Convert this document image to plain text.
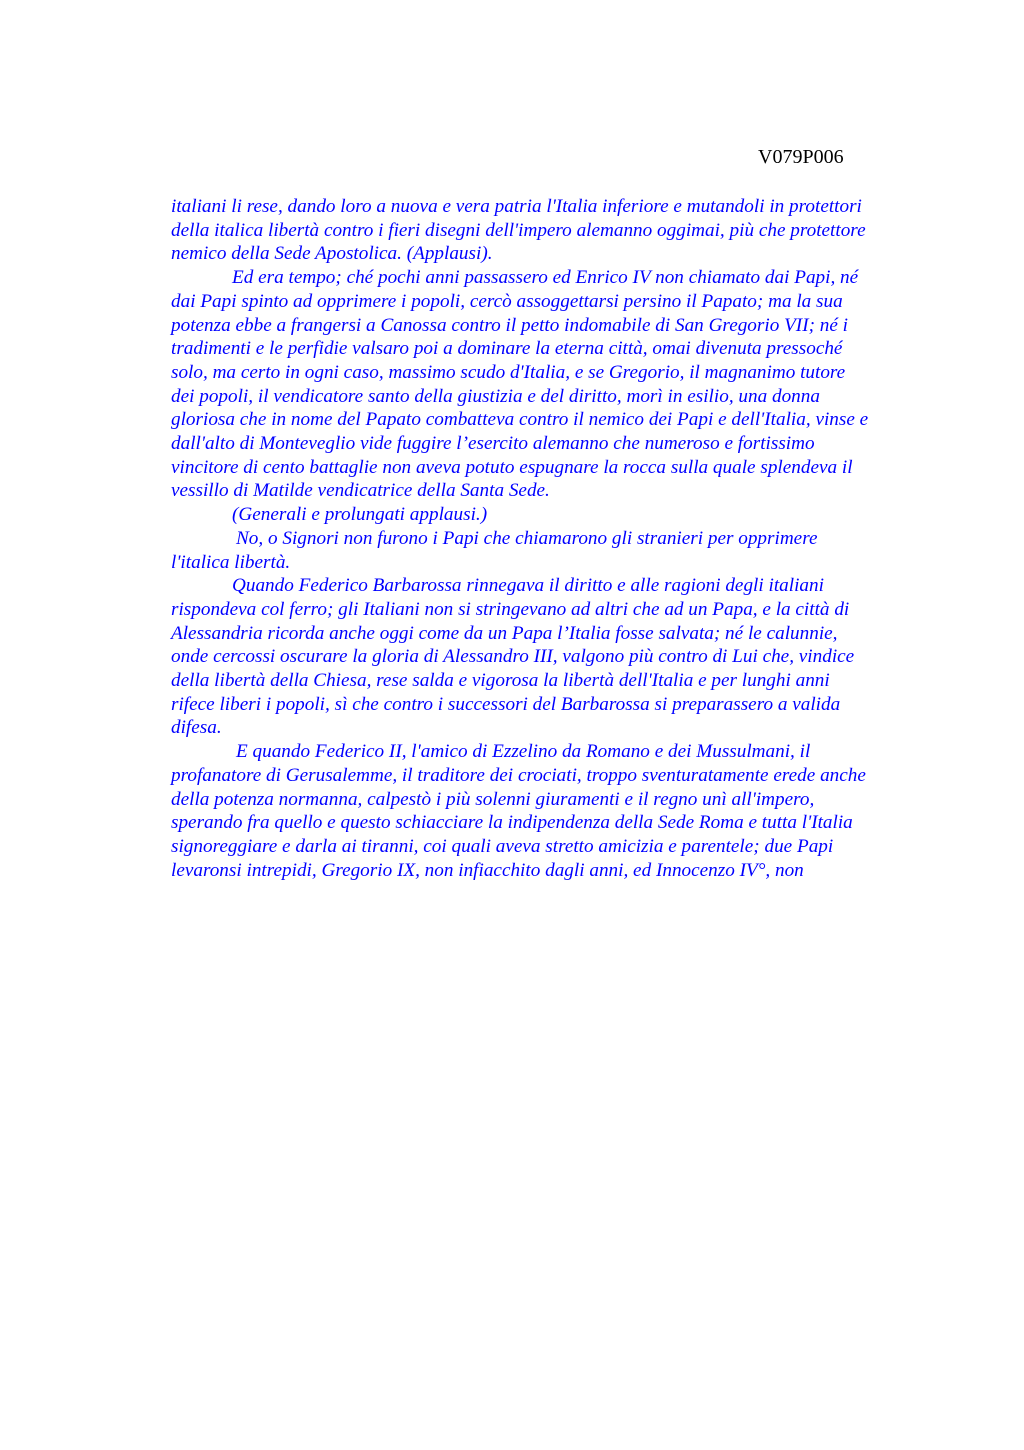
V079P006
italiani li rese, dando loro a nuova e vera patria l'Italia inferiore e mutandoli in protettori
della italica libertà contro i fieri disegni dell'impero alemanno oggimai, più che protettore
nemico della Sede Apostolica. (Applausi).
Ed era tempo; ché pochi anni passassero ed Enrico IV non chiamato dai Papi, né
dai Papi spinto ad opprimere i popoli, cercò assoggettarsi persino il Papato; ma la sua
potenza ebbe a frangersi a Canossa contro il petto indomabile di San Gregorio VII; né i
tradimenti e le perfidie valsaro poi a dominare la eterna città, omai divenuta pressoché
solo, ma certo in ogni caso, massimo scudo d'Italia, e se Gregorio, il magnanimo tutore
dei popoli, il vendicatore santo della giustizia e del diritto, morì in esilio, una donna
gloriosa che in nome del Papato combatteva contro il nemico dei Papi e dell'Italia, vinse e
dall'alto di Monteveglio vide fuggire l’esercito alemanno che numeroso e fortissimo
vincitore di cento battaglie non aveva potuto espugnare la rocca sulla quale splendeva il
vessillo di Matilde vendicatrice della Santa Sede.
(Generali e prolungati applausi.)
No, o Signori non furono i Papi che chiamarono gli stranieri per opprimere
l'italica libertà.
Quando Federico Barbarossa rinnegava il diritto e alle ragioni degli italiani
rispondeva col ferro; gli Italiani non si stringevano ad altri che ad un Papa, e la città di
Alessandria ricorda anche oggi come da un Papa l’Italia fosse salvata; né le calunnie,
onde cercossi oscurare la gloria di Alessandro III, valgono più contro di Lui che, vindice
della libertà della Chiesa, rese salda e vigorosa la libertà dell'Italia e per lunghi anni
rifece liberi i popoli, sì che contro i successori del Barbarossa si preparassero a valida
difesa.
E quando Federico II, l'amico di Ezzelino da Romano e dei Mussulmani, il
profanatore di Gerusalemme, il traditore dei crociati, troppo sventuratamente erede anche
della potenza normanna, calpestò i più solenni giuramenti e il regno unì all'impero,
sperando fra quello e questo schiacciare la indipendenza della Sede Roma e tutta l'Italia
signoreggiare e darla ai tiranni, coi quali aveva stretto amicizia e parentele; due Papi
levaronsi intrepidi, Gregorio IX, non infiacchito dagli anni, ed Innocenzo IV°, non
